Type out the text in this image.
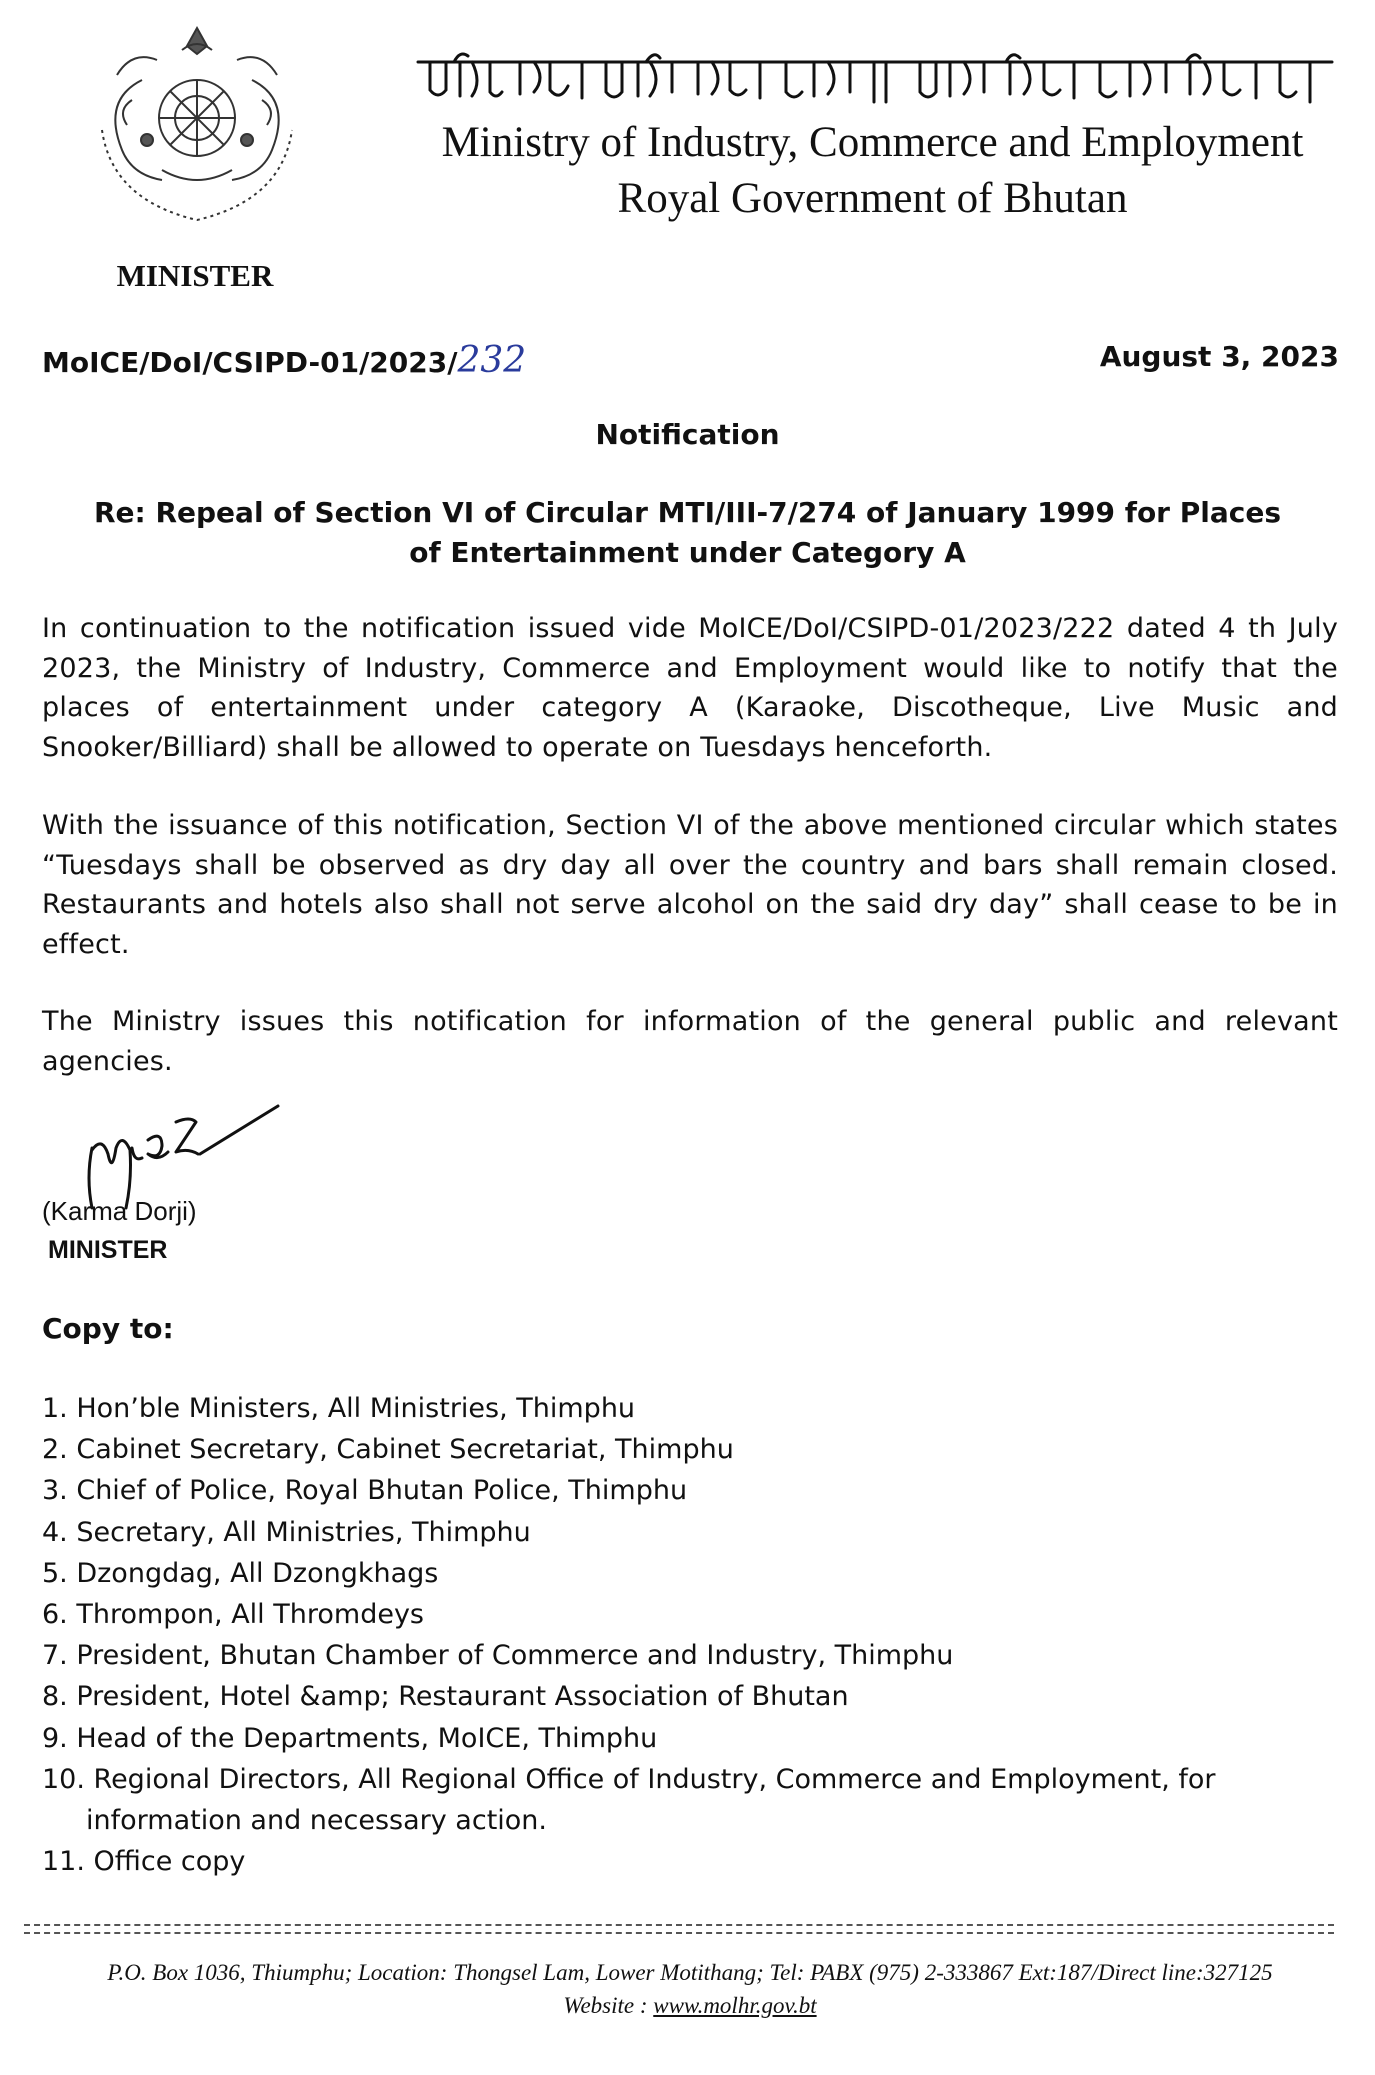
MINISTER
Ministry of Industry, Commerce and Employment
Royal Government of Bhutan
MoICE/DoI/CSIPD-01/2023/232	August 3, 2023
Notification
Re: Repeal of Section VI of Circular MTI/III-7/274 of January 1999 for Places of Entertainment under Category A
In continuation to the notification issued vide MoICE/DoI/CSIPD-01/2023/222 dated 4 th July 2023, the Ministry of Industry, Commerce and Employment would like to notify that the places of entertainment under category A (Karaoke, Discotheque, Live Music and Snooker/Billiard) shall be allowed to operate on Tuesdays henceforth.
With the issuance of this notification, Section VI of the above mentioned circular which states “Tuesdays shall be observed as dry day all over the country and bars shall remain closed. Restaurants and hotels also shall not serve alcohol on the said dry day” shall cease to be in effect.
The Ministry issues this notification for information of the general public and relevant agencies.
(Karma Dorji)
MINISTER
Copy to:
1. Hon’ble Ministers, All Ministries, Thimphu
2. Cabinet Secretary, Cabinet Secretariat, Thimphu
3. Chief of Police, Royal Bhutan Police, Thimphu
4. Secretary, All Ministries, Thimphu
5. Dzongdag, All Dzongkhags
6. Thrompon, All Thromdeys
7. President, Bhutan Chamber of Commerce and Industry, Thimphu
8. President, Hotel &amp; Restaurant Association of Bhutan
9. Head of the Departments, MoICE, Thimphu
10. Regional Directors, All Regional Office of Industry, Commerce and Employment, for information and necessary action.
11. Office copy
P.O. Box 1036, Thiumphu; Location: Thongsel Lam, Lower Motithang; Tel: PABX (975) 2-333867 Ext:187/Direct line:327125
Website : www.molhr.gov.bt
